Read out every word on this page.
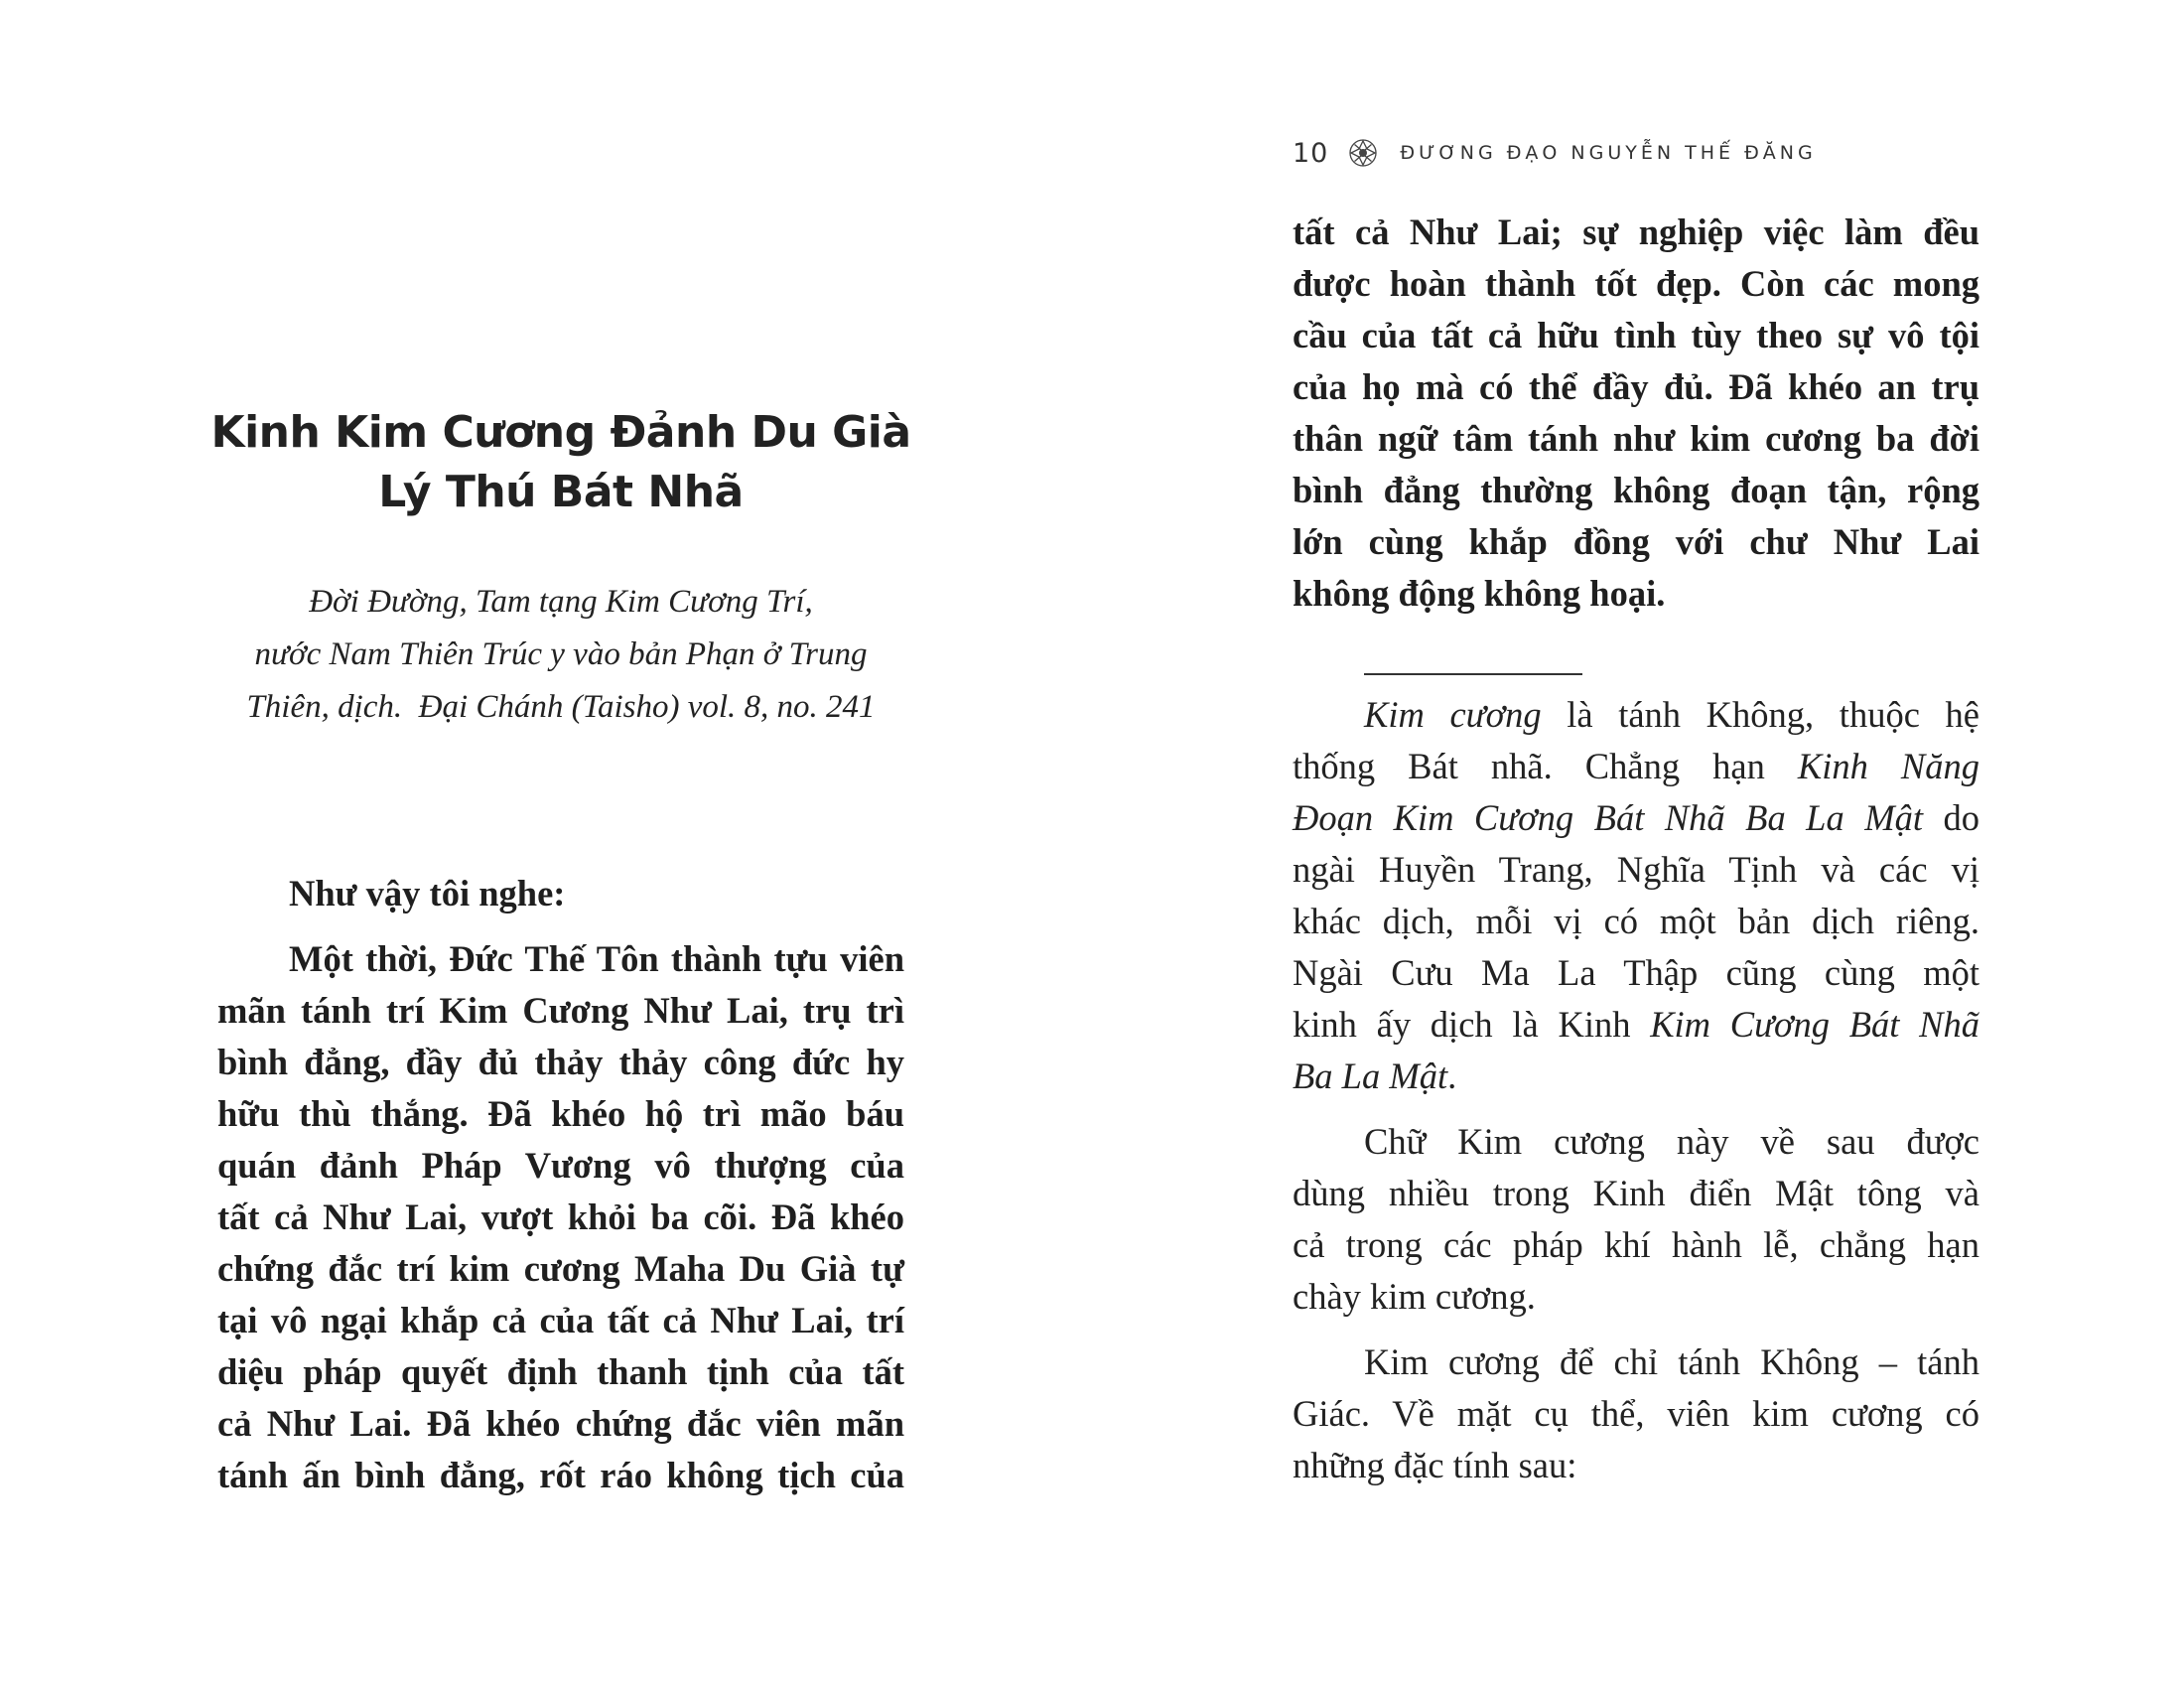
Kinh Kim Cương Đảnh Du Già
Lý Thú Bát Nhã

Đời Đường, Tam tạng Kim Cương Trí,
nước Nam Thiên Trúc y vào bản Phạn ở Trung
Thiên, dịch.  Đại Chánh (Taisho) vol. 8, no. 241

Như vậy tôi nghe:

Một thời, Đức Thế Tôn thành tựu viên
mãn tánh trí Kim Cương Như Lai, trụ trì
bình đẳng, đầy đủ thảy thảy công đức hy
hữu thù thắng. Đã khéo hộ trì mão báu
quán đảnh Pháp Vương vô thượng của
tất cả Như Lai, vượt khỏi ba cõi. Đã khéo
chứng đắc trí kim cương Maha Du Già tự
tại vô ngại khắp cả của tất cả Như Lai, trí
diệu pháp quyết định thanh tịnh của tất
cả Như Lai. Đã khéo chứng đắc viên mãn
tánh ấn bình đẳng, rốt ráo không tịch của

10	ĐƯƠNG ĐẠO NGUYỄN THẾ ĐĂNG
tất cả Như Lai; sự nghiệp việc làm đều
được hoàn thành tốt đẹp. Còn các mong
cầu của tất cả hữu tình tùy theo sự vô tội
của họ mà có thể đầy đủ. Đã khéo an trụ
thân ngữ tâm tánh như kim cương ba đời
bình đẳng thường không đoạn tận, rộng
lớn cùng khắp đồng với chư Như Lai
không động không hoại.

Kim cương là tánh Không, thuộc hệ
thống Bát nhã. Chẳng hạn Kinh Năng
Đoạn Kim Cương Bát Nhã Ba La Mật do
ngài Huyền Trang, Nghĩa Tịnh và các vị
khác dịch, mỗi vị có một bản dịch riêng.
Ngài Cưu Ma La Thập cũng cùng một
kinh ấy dịch là Kinh Kim Cương Bát Nhã
Ba La Mật.

Chữ Kim cương này về sau được
dùng nhiều trong Kinh điển Mật tông và
cả trong các pháp khí hành lễ, chẳng hạn
chày kim cương.

Kim cương để chỉ tánh Không – tánh
Giác. Về mặt cụ thể, viên kim cương có
những đặc tính sau:
